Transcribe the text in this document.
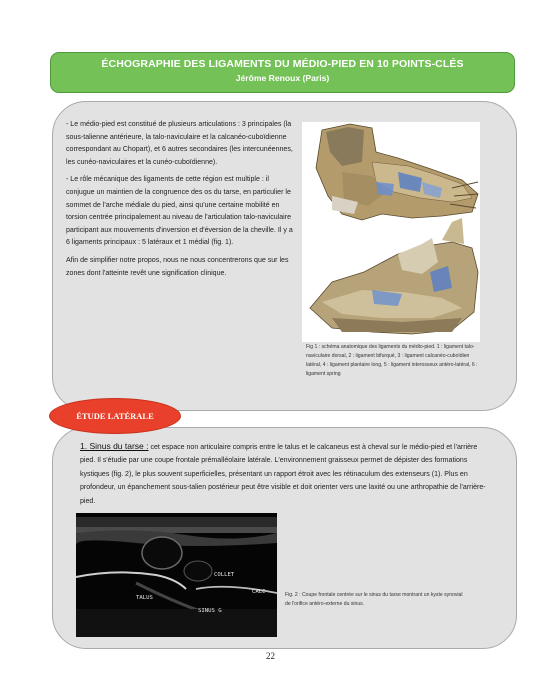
ÉCHOGRAPHIE DES LIGAMENTS DU MÉDIO-PIED EN 10 POINTS-CLÉS
Jérôme Renoux (Paris)

- Le médio-pied est constitué de plusieurs articulations : 3 principales (la sous-talienne antérieure, la talo-naviculaire et la calcanéo-cuboïdienne correspondant au Chopart), et 6 autres secondaires (les intercunéennes, les cunéo-naviculaires et la cunéo-cuboïdienne).

- Le rôle mécanique des ligaments de cette région est multiple : il conjugue un maintien de la congruence des os du tarse, en particulier le sommet de l'arche médiale du pied, ainsi qu'une certaine mobilité en torsion centrée principalement au niveau de l'articulation talo-naviculaire participant aux mouvements d'inversion et d'éversion de la cheville. Il y a 6 ligaments principaux : 5 latéraux et 1 médial (fig. 1).

Afin de simplifier notre propos, nous ne nous concentrerons que sur les zones dont l'atteinte revêt une signification clinique.

Fig 1 : schéma anatomique des ligaments du médio-pied. 1 : ligament talo-naviculaire dorsal, 2 : ligament bifurqué, 3 : ligament calcanéo-cuboïdien latéral, 4 : ligament plantaire long, 5 : ligament interosseux antéro-latéral, 6 : ligament spring
ÉTUDE LATÉRALE
1. Sinus du tarse : cet espace non articulaire compris entre le talus et le calcaneus est à cheval sur le médio-pied et l'arrière pied. Il s'étudie par une coupe frontale prémalléolaire latérale. L'environnement graisseux permet de dépister des formations kystiques (fig. 2), le plus souvent superficielles, présentant un rapport étroit avec les rétinaculum des extenseurs (1). Plus en profondeur, un épanchement sous-talien postérieur peut être visible et doit orienter vers une laxité ou une arthropathie de l'arrière-pied.
COLLET
CALC
TALUS
SINUS G
Fig. 2 : Coupe frontale centrée sur le sinus du tarse montrant un kyste synovial de l'orifice antéro-externe du sinus.
22
